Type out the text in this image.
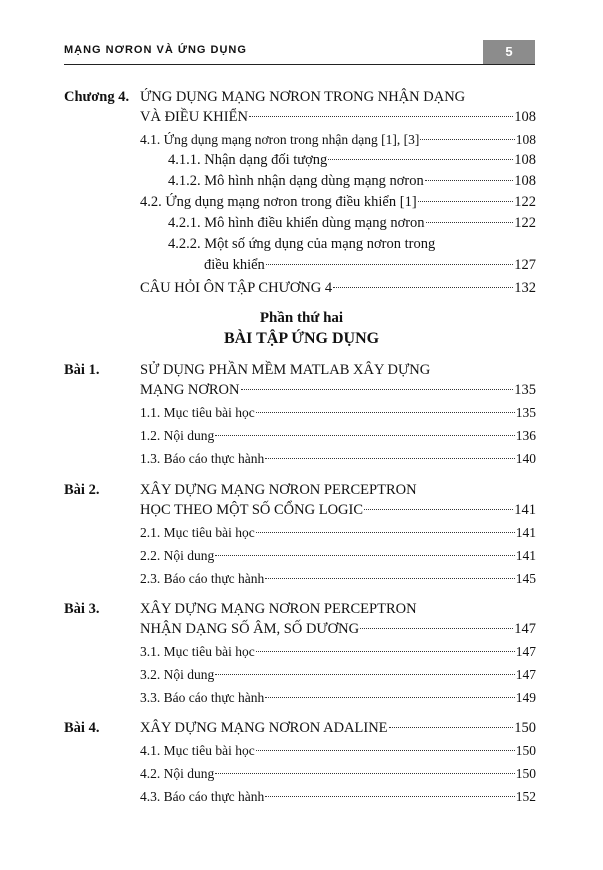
MẠNG NƠRON VÀ ỨNG DỤNG	5
Chương 4. ỨNG DỤNG MẠNG NƠRON TRONG NHẬN DẠNG
VÀ ĐIỀU KHIỂN	108
4.1. Ứng dụng mạng nơron trong nhận dạng [1], [3]	108
4.1.1. Nhận dạng đối tượng	108
4.1.2. Mô hình nhận dạng dùng mạng nơron	108
4.2. Ứng dụng mạng nơron trong điều khiển [1]	122
4.2.1. Mô hình điều khiển dùng mạng nơron	122
4.2.2. Một số ứng dụng của mạng nơron trong
điều khiển	127
CÂU HỎI ÔN TẬP CHƯƠNG 4	132
Phần thứ hai
BÀI TẬP ỨNG DỤNG
Bài 1.	SỬ DỤNG PHẦN MỀM MATLAB XÂY DỰNG
MẠNG NƠRON	135
1.1. Mục tiêu bài học	135
1.2. Nội dung	136
1.3. Báo cáo thực hành	140
Bài 2.	XÂY DỰNG MẠNG NƠRON PERCEPTRON
HỌC THEO MỘT SỐ CỔNG LOGIC	141
2.1. Mục tiêu bài học	141
2.2. Nội dung	141
2.3. Báo cáo thực hành	145
Bài 3.	XÂY DỰNG MẠNG NƠRON PERCEPTRON
NHẬN DẠNG SỐ ÂM, SỐ DƯƠNG	147
3.1. Mục tiêu bài học	147
3.2. Nội dung	147
3.3. Báo cáo thực hành	149
Bài 4.	XÂY DỰNG MẠNG NƠRON ADALINE	150
4.1. Mục tiêu bài học	150
4.2. Nội dung	150
4.3. Báo cáo thực hành	152
